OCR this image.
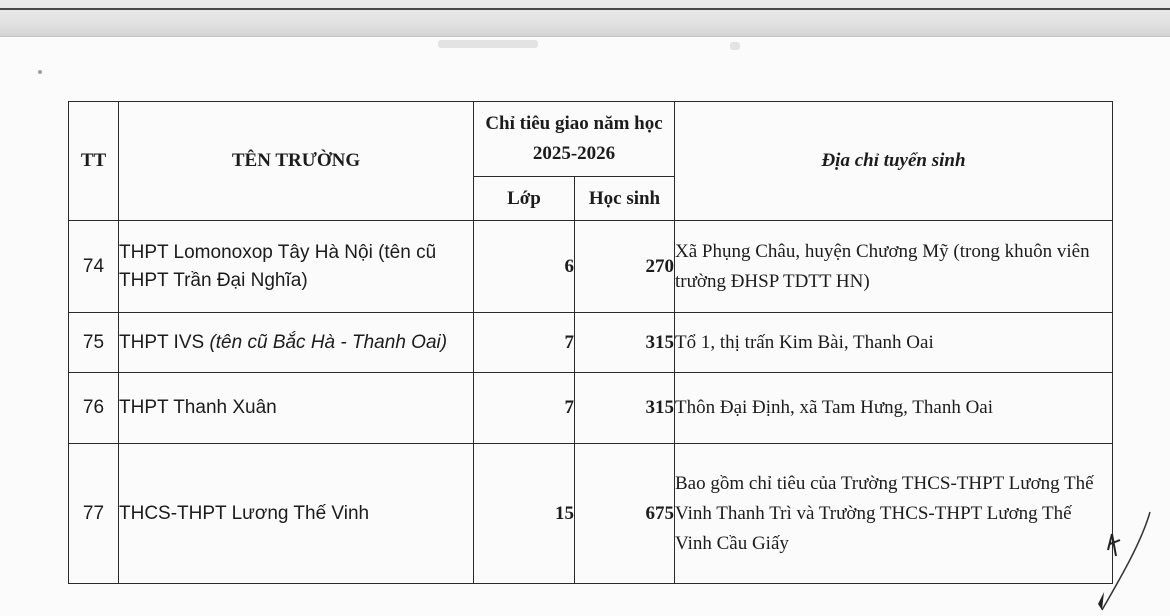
TT	TÊN TRƯỜNG	Chỉ tiêu giao năm học 2025-2026		Địa chỉ tuyển sinh
		Lớp	Học sinh	
74	THPT Lomonoxop Tây Hà Nội (tên cũ THPT Trần Đại Nghĩa)	6	270	Xã Phụng Châu, huyện Chương Mỹ (trong khuôn viên trường ĐHSP TDTT HN)
75	THPT IVS (tên cũ Bắc Hà - Thanh Oai)	7	315	Tổ 1, thị trấn Kim Bài, Thanh Oai
76	THPT Thanh Xuân	7	315	Thôn Đại Định, xã Tam Hưng, Thanh Oai
77	THCS-THPT Lương Thế Vinh	15	675	Bao gồm chỉ tiêu của Trường THCS-THPT Lương Thế Vinh Thanh Trì và Trường THCS-THPT Lương Thế Vinh Cầu Giấy
